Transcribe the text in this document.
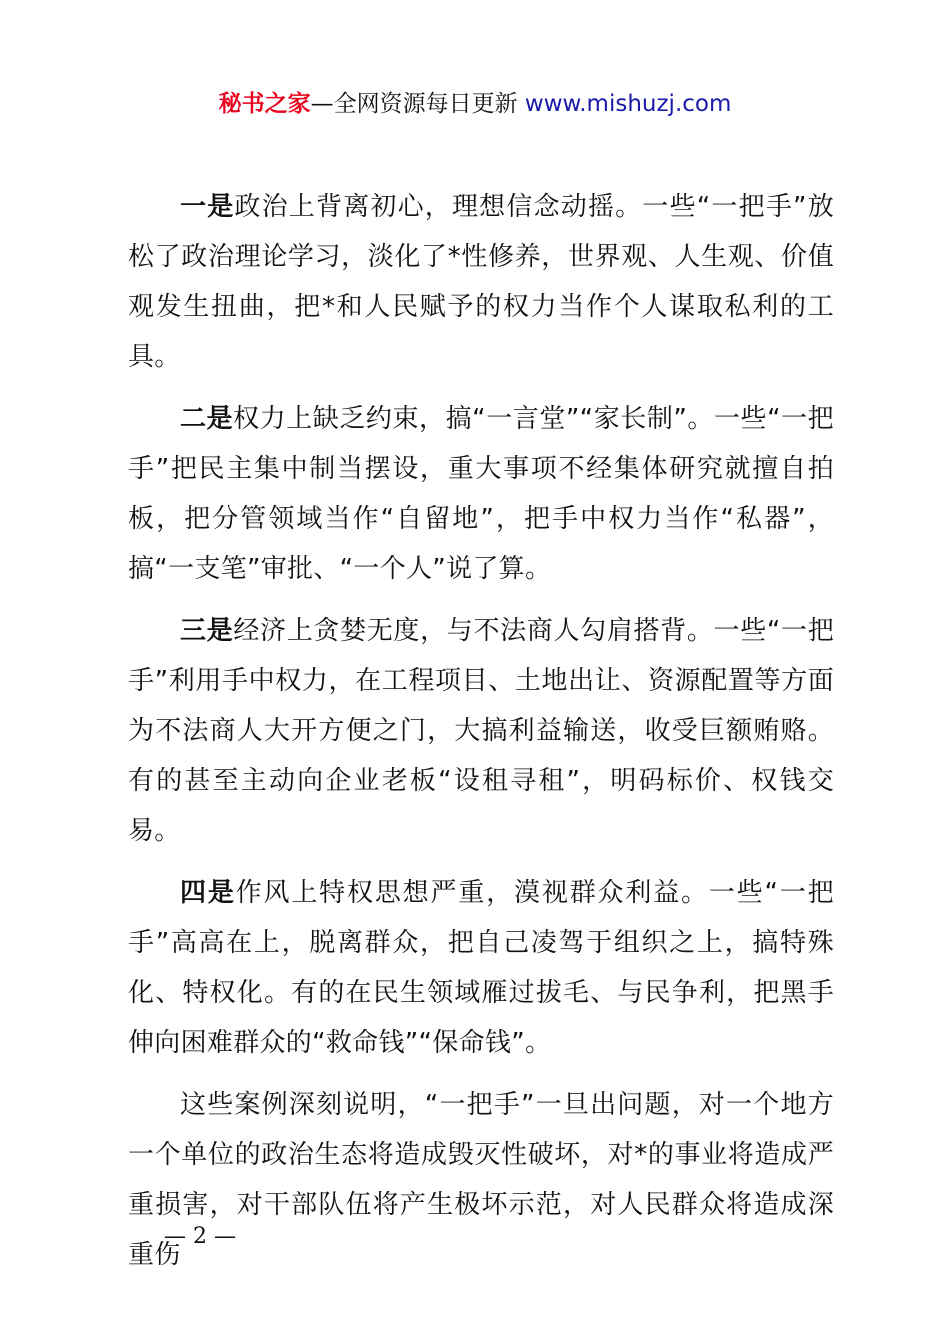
秘书之家—全网资源每日更新 www.mishuzj.com

一是政治上背离初心，理想信念动摇。一些“一把手”放松了政治理论学习，淡化了*性修养，世界观、人生观、价值观发生扭曲，把*和人民赋予的权力当作个人谋取私利的工具。

二是权力上缺乏约束，搞“一言堂”“家长制”。一些“一把手”把民主集中制当摆设，重大事项不经集体研究就擅自拍板，把分管领域当作“自留地”，把手中权力当作“私器”，搞“一支笔”审批、“一个人”说了算。

三是经济上贪婪无度，与不法商人勾肩搭背。一些“一把手”利用手中权力，在工程项目、土地出让、资源配置等方面为不法商人大开方便之门，大搞利益输送，收受巨额贿赂。有的甚至主动向企业老板“设租寻租”，明码标价、权钱交易。

四是作风上特权思想严重，漠视群众利益。一些“一把手”高高在上，脱离群众，把自己凌驾于组织之上，搞特殊化、特权化。有的在民生领域雁过拔毛、与民争利，把黑手伸向困难群众的“救命钱”“保命钱”。

这些案例深刻说明，“一把手”一旦出问题，对一个地方一个单位的政治生态将造成毁灭性破坏，对*的事业将造成严重损害，对干部队伍将产生极坏示范，对人民群众将造成深重伤

— 2 —
